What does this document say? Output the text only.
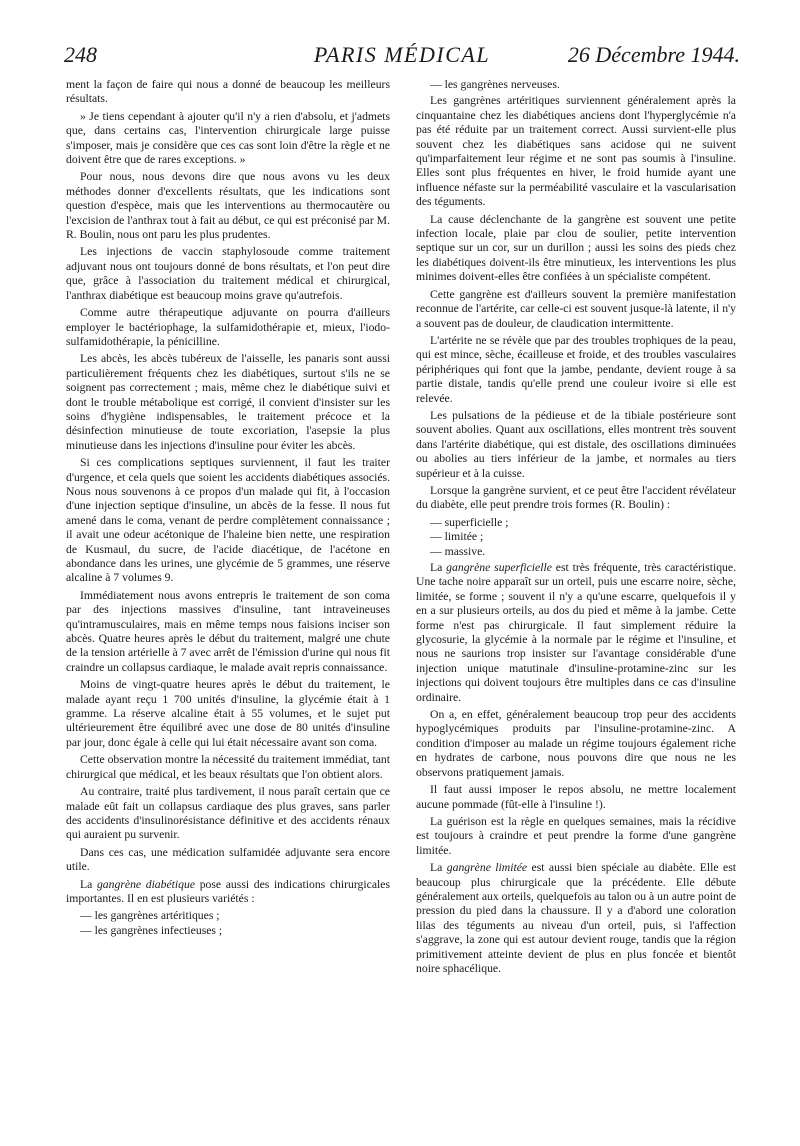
248	PARIS MÉDICAL	26 Décembre 1944.

ment la façon de faire qui nous a donné de beaucoup les meilleurs résultats.

» Je tiens cependant à ajouter qu'il n'y a rien d'absolu, et j'admets que, dans certains cas, l'intervention chirurgicale large puisse s'imposer, mais je considère que ces cas sont loin d'être la règle et ne doivent être que de rares exceptions. »

Pour nous, nous devons dire que nous avons vu les deux méthodes donner d'excellents résultats, que les indications sont question d'espèce, mais que les interventions au thermocautère ou l'excision de l'anthrax tout à fait au début, ce qui est préconisé par M. R. Boulin, nous ont paru les plus prudentes.

Les injections de vaccin staphylosoude comme traitement adjuvant nous ont toujours donné de bons résultats, et l'on peut dire que, grâce à l'association du traitement médical et chirurgical, l'anthrax diabétique est beaucoup moins grave qu'autrefois.

Comme autre thérapeutique adjuvante on pourra d'ailleurs employer le bactériophage, la sulfamidothérapie et, mieux, l'iodo-sulfamidothérapie, la pénicilline.

Les abcès, les abcès tubéreux de l'aisselle, les panaris sont aussi particulièrement fréquents chez les diabétiques, surtout s'ils ne se soignent pas correctement ; mais, même chez le diabétique suivi et dont le trouble métabolique est corrigé, il convient d'insister sur les soins d'hygiène indispensables, le traitement précoce et la désinfection minutieuse de toute excoriation, l'asepsie la plus minutieuse dans les injections d'insuline pour éviter les abcès.

Si ces complications septiques surviennent, il faut les traiter d'urgence, et cela quels que soient les accidents diabétiques associés. Nous nous souvenons à ce propos d'un malade qui fit, à l'occasion d'une injection septique d'insuline, un abcès de la fesse. Il nous fut amené dans le coma, venant de perdre complètement connaissance ; il avait une odeur acétonique de l'haleine bien nette, une respiration de Kusmaul, du sucre, de l'acide diacétique, de l'acétone en abondance dans les urines, une glycémie de 5 grammes, une réserve alcaline à 7 volumes 9.

Immédiatement nous avons entrepris le traitement de son coma par des injections massives d'insuline, tant intraveineuses qu'intramusculaires, mais en même temps nous faisions inciser son abcès. Quatre heures après le début du traitement, malgré une chute de la tension artérielle à 7 avec arrêt de l'émission d'urine qui nous fit craindre un collapsus cardiaque, le malade avait repris connaissance.

Moins de vingt-quatre heures après le début du traitement, le malade ayant reçu 1 700 unités d'insuline, la glycémie était à 1 gramme. La réserve alcaline était à 55 volumes, et le sujet put ultérieurement être équilibré avec une dose de 80 unités d'insuline par jour, donc égale à celle qui lui était nécessaire avant son coma.

Cette observation montre la nécessité du traitement immédiat, tant chirurgical que médical, et les beaux résultats que l'on obtient alors.

Au contraire, traité plus tardivement, il nous paraît certain que ce malade eût fait un collapsus cardiaque des plus graves, sans parler des accidents d'insulinorésistance définitive et des accidents rénaux qui auraient pu survenir.

Dans ces cas, une médication sulfamidée adjuvante sera encore utile.

La gangrène diabétique pose aussi des indications chirurgicales importantes. Il en est plusieurs variétés :

— les gangrènes artéritiques ;
— les gangrènes infectieuses ;
— les gangrènes nerveuses.

Les gangrènes artéritiques surviennent généralement après la cinquantaine chez les diabétiques anciens dont l'hyperglycémie n'a pas été réduite par un traitement correct. Aussi survient-elle plus souvent chez les diabétiques sans acidose qui ne suivent qu'imparfaitement leur régime et ne sont pas soumis à l'insuline. Elles sont plus fréquentes en hiver, le froid humide ayant une influence néfaste sur la perméabilité vasculaire et la vascularisation des téguments.

La cause déclenchante de la gangrène est souvent une petite infection locale, plaie par clou de soulier, petite intervention septique sur un cor, sur un durillon ; aussi les soins des pieds chez les diabétiques doivent-ils être minutieux, les interventions les plus minimes doivent-elles être confiées à un spécialiste compétent.

Cette gangrène est d'ailleurs souvent la première manifestation reconnue de l'artérite, car celle-ci est souvent jusque-là latente, il n'y a souvent pas de douleur, de claudication intermittente.

L'artérite ne se révèle que par des troubles trophiques de la peau, qui est mince, sèche, écailleuse et froide, et des troubles vasculaires périphériques qui font que la jambe, pendante, devient rouge à sa partie distale, tandis qu'elle prend une couleur ivoire si elle est relevée.

Les pulsations de la pédieuse et de la tibiale postérieure sont souvent abolies. Quant aux oscillations, elles montrent très souvent dans l'artérite diabétique, qui est distale, des oscillations diminuées ou abolies au tiers inférieur de la jambe, et normales au tiers supérieur et à la cuisse.

Lorsque la gangrène survient, et ce peut être l'accident révélateur du diabète, elle peut prendre trois formes (R. Boulin) :

— superficielle ;
— limitée ;
— massive.

La gangrène superficielle est très fréquente, très caractéristique. Une tache noire apparaît sur un orteil, puis une escarre noire, sèche, limitée, se forme ; souvent il n'y a qu'une escarre, quelquefois il y en a sur plusieurs orteils, au dos du pied et même à la jambe. Cette forme n'est pas chirurgicale. Il faut simplement réduire la glycosurie, la glycémie à la normale par le régime et l'insuline, et nous ne saurions trop insister sur l'avantage considérable d'une injection unique matutinale d'insuline-protamine-zinc sur les injections qui doivent toujours être multiples dans ce cas d'insuline ordinaire.

On a, en effet, généralement beaucoup trop peur des accidents hypoglycémiques produits par l'insuline-protamine-zinc. A condition d'imposer au malade un régime toujours également riche en hydrates de carbone, nous pouvons dire que nous ne les observons pratiquement jamais.

Il faut aussi imposer le repos absolu, ne mettre localement aucune pommade (fût-elle à l'insuline !).

La guérison est la règle en quelques semaines, mais la récidive est toujours à craindre et peut prendre la forme d'une gangrène limitée.

La gangrène limitée est aussi bien spéciale au diabète. Elle est beaucoup plus chirurgicale que la précédente. Elle débute généralement aux orteils, quelquefois au talon ou à un autre point de pression du pied dans la chaussure. Il y a d'abord une coloration lilas des téguments au niveau d'un orteil, puis, si l'affection s'aggrave, la zone qui est autour devient rouge, tandis que la région primitivement atteinte devient de plus en plus foncée et bientôt noire sphacélique.
